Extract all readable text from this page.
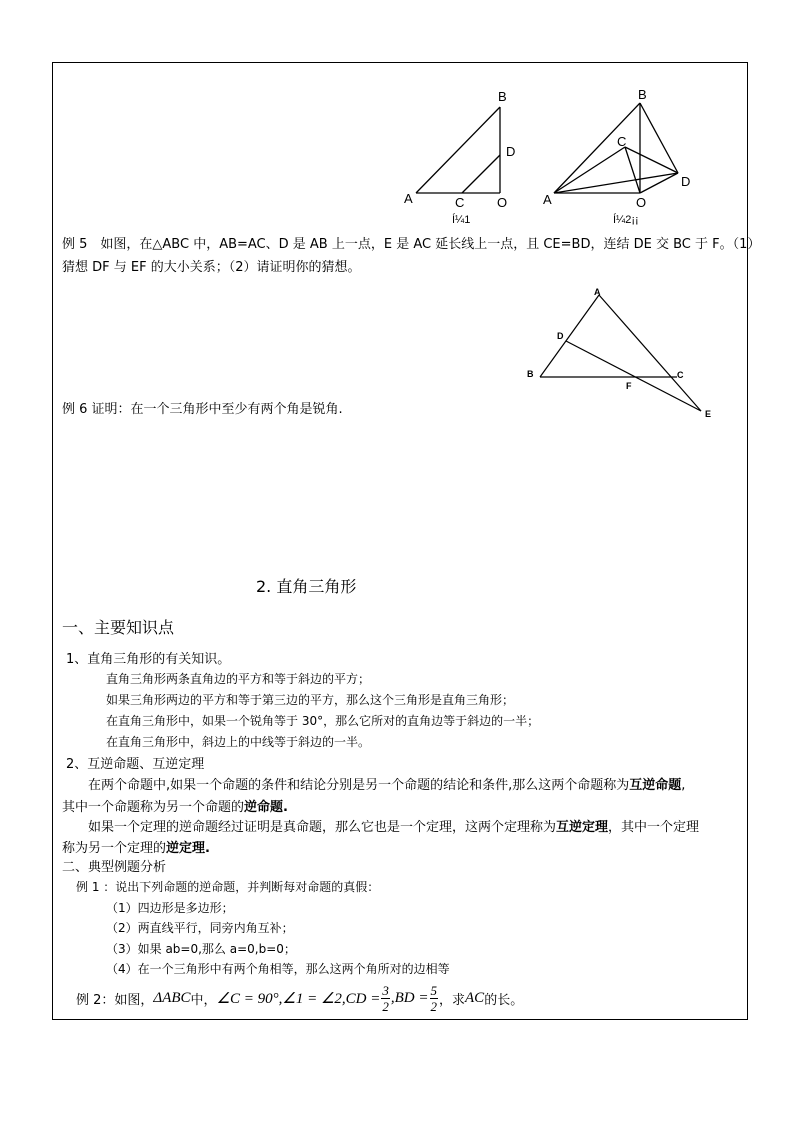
B
D
A	C	O
Í¼1
B
C
D
A	O
Í¼2¡¡
例 5　如图，在△ABC 中，AB=AC、D 是 AB 上一点，E 是 AC 延长线上一点，且 CE=BD，连结 DE 交 BC 于 F。（1）
猜想 DF 与 EF 的大小关系；（2）请证明你的猜想。
A
D
B	C
F
E
例 6 证明：在一个三角形中至少有两个角是锐角.
2. 直角三角形
一、主要知识点
1、直角三角形的有关知识。
直角三角形两条直角边的平方和等于斜边的平方；
如果三角形两边的平方和等于第三边的平方，那么这个三角形是直角三角形；
在直角三角形中，如果一个锐角等于 30°，那么它所对的直角边等于斜边的一半；
在直角三角形中，斜边上的中线等于斜边的一半。
2、互逆命题、互逆定理
在两个命题中,如果一个命题的条件和结论分别是另一个命题的结论和条件,那么这两个命题称为互逆命题,
其中一个命题称为另一个命题的逆命题.
如果一个定理的逆命题经过证明是真命题，那么它也是一个定理，这两个定理称为互逆定理，其中一个定理
称为另一个定理的逆定理.
二、典型例题分析
例 1 ：说出下列命题的逆命题，并判断每对命题的真假：
（1）四边形是多边形；
（2）两直线平行，同旁内角互补；
（3）如果 ab=0,那么 a=0,b=0；
（4）在一个三角形中有两个角相等，那么这两个角所对的边相等
例 2：如图， ΔABC 中， ∠C = 90°,∠1 = ∠2,CD = $\frac{3}{2} ,BD = \frac{5}{2}$ ，求 AC 的长。
